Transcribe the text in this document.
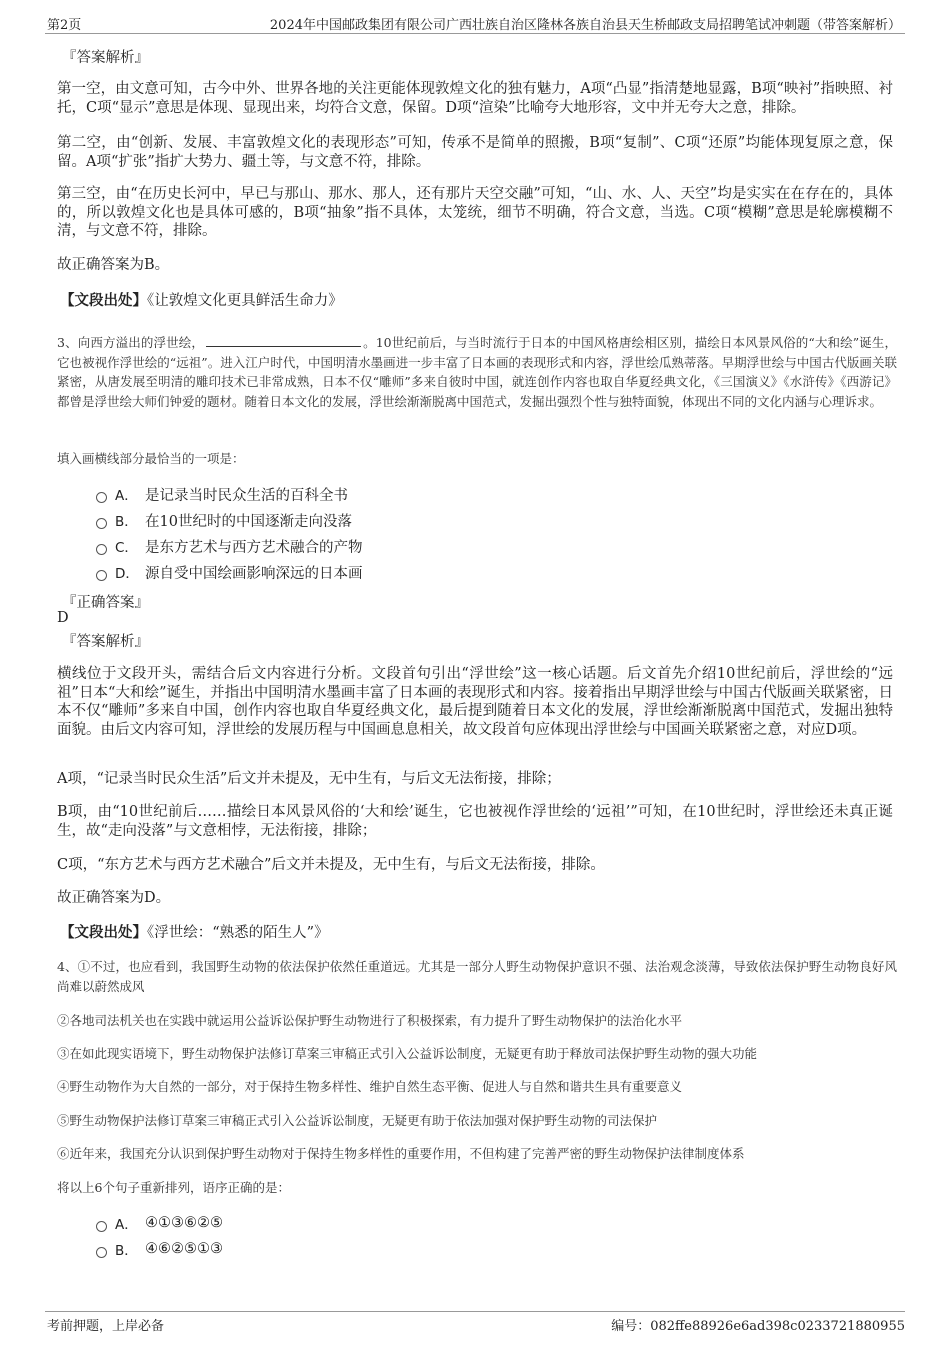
第2页	2024年中国邮政集团有限公司广西壮族自治区隆林各族自治县天生桥邮政支局招聘笔试冲刺题（带答案解析）
『答案解析』
第一空，由文意可知，古今中外、世界各地的关注更能体现敦煌文化的独有魅力，A项“凸显”指清楚地显露，B项“映衬”指映照、衬托，C项“显示”意思是体现、显现出来，均符合文意，保留。D项“渲染”比喻夸大地形容，文中并无夸大之意，排除。
第二空，由“创新、发展、丰富敦煌文化的表现形态”可知，传承不是简单的照搬，B项“复制”、C项“还原”均能体现复原之意，保留。A项“扩张”指扩大势力、疆土等，与文意不符，排除。
第三空，由“在历史长河中，早已与那山、那水、那人，还有那片天空交融”可知，“山、水、人、天空”均是实实在在存在的，具体的，所以敦煌文化也是具体可感的，B项“抽象”指不具体，太笼统，细节不明确，符合文意，当选。C项“模糊”意思是轮廓模糊不清，与文意不符，排除。
故正确答案为B。
【文段出处】《让敦煌文化更具鲜活生命力》
3、向西方溢出的浮世绘，	。10世纪前后，与当时流行于日本的中国风格唐绘相区别，描绘日本风景风俗的“大和绘”诞生，它也被视作浮世绘的“远祖”。进入江户时代，中国明清水墨画进一步丰富了日本画的表现形式和内容，浮世绘瓜熟蒂落。早期浮世绘与中国古代版画关联紧密，从唐发展至明清的雕印技术已非常成熟，日本不仅“雕师”多来自彼时中国，就连创作内容也取自华夏经典文化，《三国演义》《水浒传》《西游记》都曾是浮世绘大师们钟爱的题材。随着日本文化的发展，浮世绘渐渐脱离中国范式，发掘出强烈个性与独特面貌，体现出不同的文化内涵与心理诉求。
填入画横线部分最恰当的一项是：
A． 是记录当时民众生活的百科全书
B． 在10世纪时的中国逐渐走向没落
C． 是东方艺术与西方艺术融合的产物
D． 源自受中国绘画影响深远的日本画
『正确答案』
D
『答案解析』
横线位于文段开头，需结合后文内容进行分析。文段首句引出“浮世绘”这一核心话题。后文首先介绍10世纪前后，浮世绘的“远祖”日本“大和绘”诞生，并指出中国明清水墨画丰富了日本画的表现形式和内容。接着指出早期浮世绘与中国古代版画关联紧密，日本不仅“雕师”多来自中国，创作内容也取自华夏经典文化，最后提到随着日本文化的发展，浮世绘渐渐脱离中国范式，发掘出独特面貌。由后文内容可知，浮世绘的发展历程与中国画息息相关，故文段首句应体现出浮世绘与中国画关联紧密之意，对应D项。
A项，“记录当时民众生活”后文并未提及，无中生有，与后文无法衔接，排除；
B项，由“10世纪前后……描绘日本风景风俗的‘大和绘’诞生，它也被视作浮世绘的‘远祖’”可知，在10世纪时，浮世绘还未真正诞生，故“走向没落”与文意相悖，无法衔接，排除；
C项，“东方艺术与西方艺术融合”后文并未提及，无中生有，与后文无法衔接，排除。
故正确答案为D。
【文段出处】《浮世绘：“熟悉的陌生人”》
4、①不过，也应看到，我国野生动物的依法保护依然任重道远。尤其是一部分人野生动物保护意识不强、法治观念淡薄，导致依法保护野生动物良好风尚难以蔚然成风
②各地司法机关也在实践中就运用公益诉讼保护野生动物进行了积极探索，有力提升了野生动物保护的法治化水平
③在如此现实语境下，野生动物保护法修订草案三审稿正式引入公益诉讼制度，无疑更有助于释放司法保护野生动物的强大功能
④野生动物作为大自然的一部分，对于保持生物多样性、维护自然生态平衡、促进人与自然和谐共生具有重要意义
⑤野生动物保护法修订草案三审稿正式引入公益诉讼制度，无疑更有助于依法加强对保护野生动物的司法保护
⑥近年来，我国充分认识到保护野生动物对于保持生物多样性的重要作用，不但构建了完善严密的野生动物保护法律制度体系
将以上6个句子重新排列，语序正确的是：
A． ④①③⑥②⑤
B． ④⑥②⑤①③
考前押题，上岸必备	编号：082ffe88926e6ad398c0233721880955
